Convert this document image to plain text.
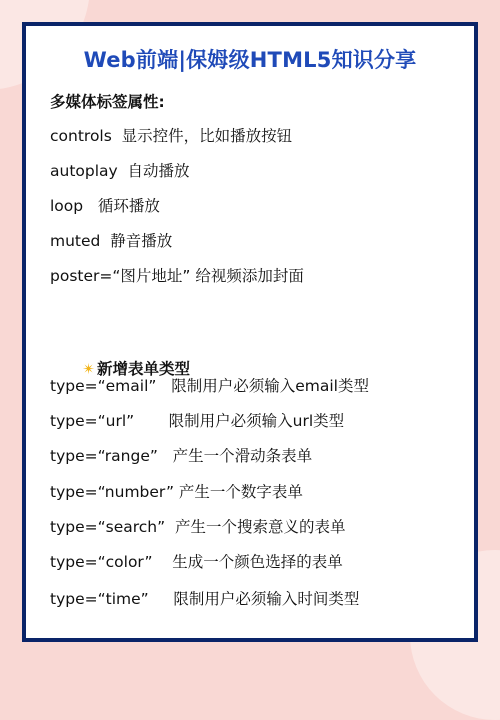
Web前端|保姆级HTML5知识分享
多媒体标签属性:
controls  显示控件，比如播放按钮
autoplay  自动播放
loop   循环播放
muted  静音播放
poster=“图片地址” 给视频添加封面

✴ 新增表单类型

type=“email”   限制用户必须输入email类型
type=“url”       限制用户必须输入url类型
type=“range”   产生一个滑动条表单
type=“number” 产生一个数字表单
type=“search”  产生一个搜索意义的表单
type=“color”    生成一个颜色选择的表单
type=“time”     限制用户必须输入时间类型
